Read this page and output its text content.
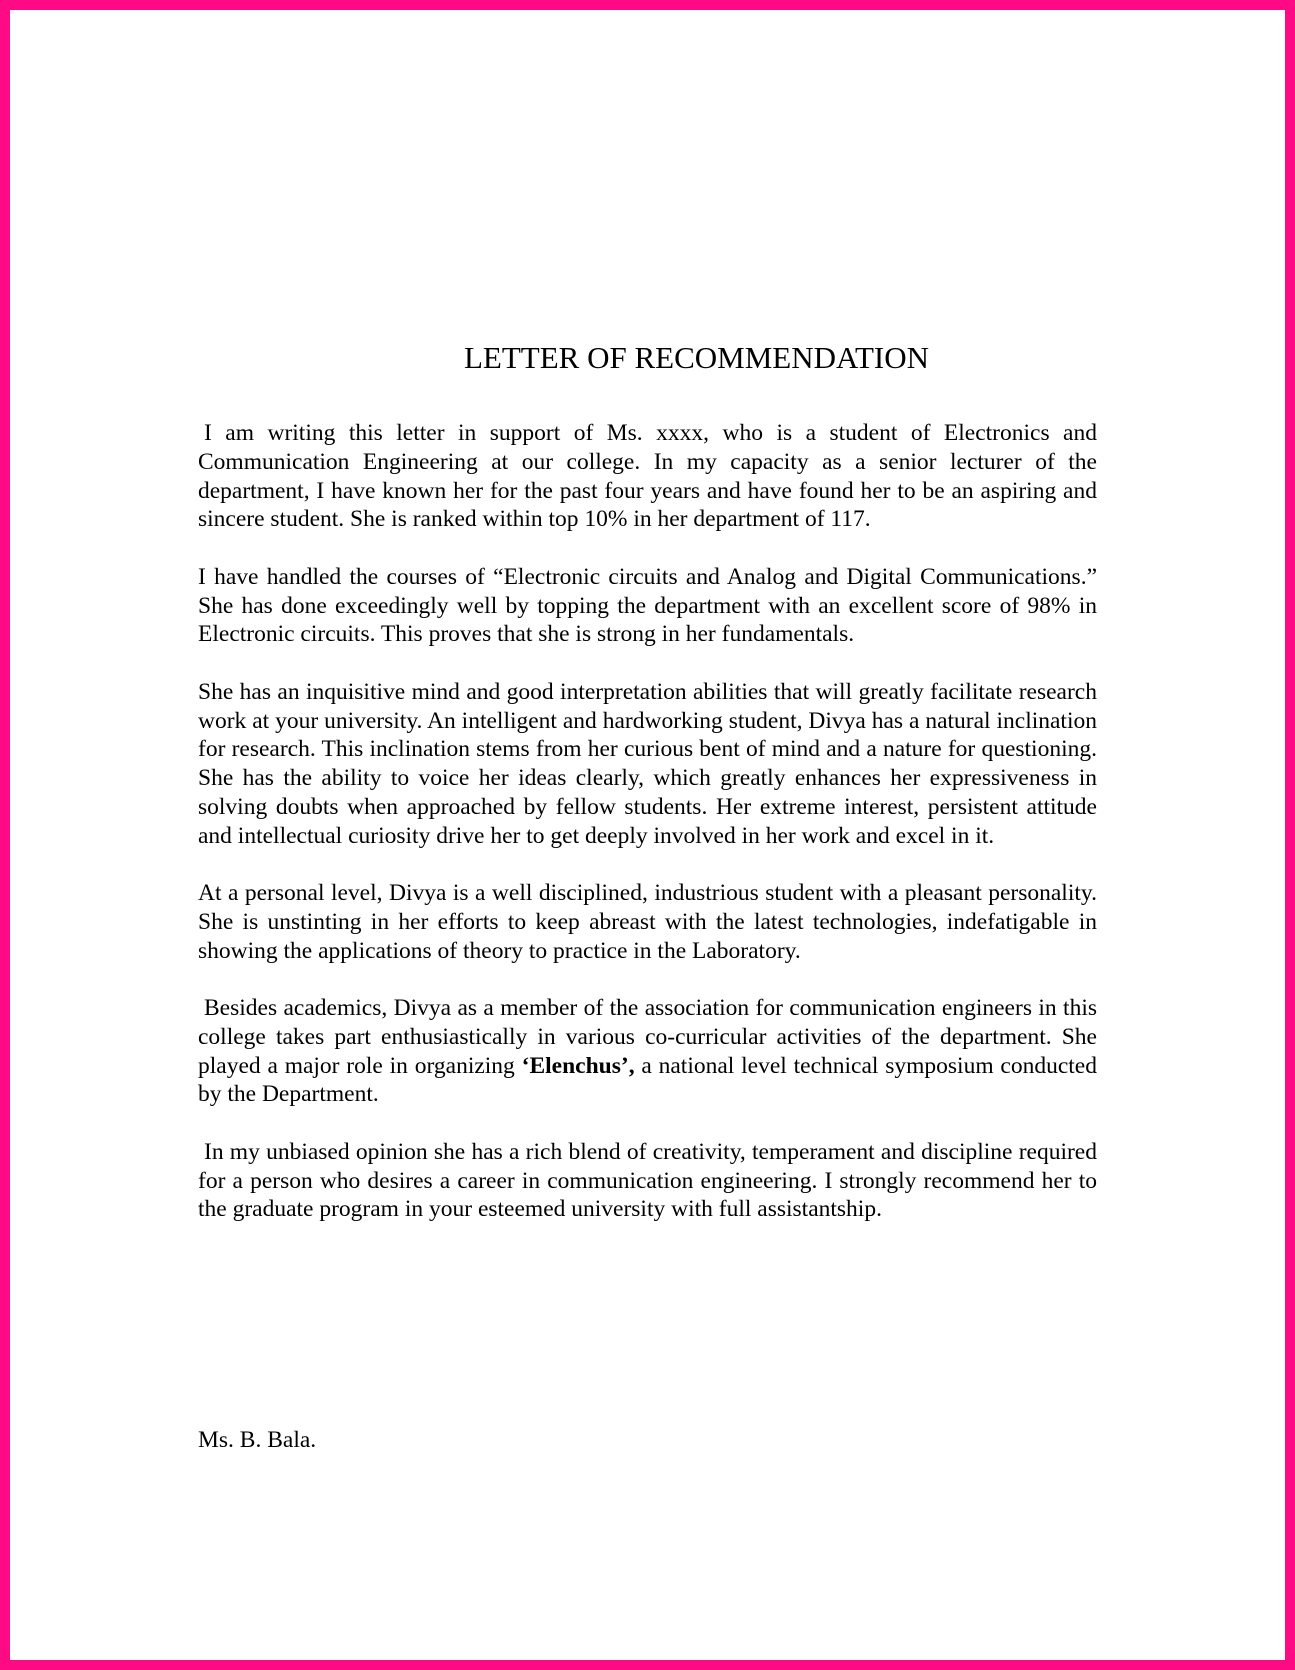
LETTER OF RECOMMENDATION

I am writing this letter in support of Ms. xxxx, who is a student of Electronics and Communication Engineering at our college. In my capacity as a senior lecturer of the department, I have known her for the past four years and have found her to be an aspiring and sincere student. She is ranked within top 10% in her department of 117.

I have handled the courses of “Electronic circuits and Analog and Digital Communications.” She has done exceedingly well by topping the department with an excellent score of 98% in Electronic circuits. This proves that she is strong in her fundamentals.

She has an inquisitive mind and good interpretation abilities that will greatly facilitate research work at your university. An intelligent and hardworking student, Divya has a natural inclination for research. This inclination stems from her curious bent of mind and a nature for questioning. She has the ability to voice her ideas clearly, which greatly enhances her expressiveness in solving doubts when approached by fellow students. Her extreme interest, persistent attitude and intellectual curiosity drive her to get deeply involved in her work and excel in it.

At a personal level, Divya is a well disciplined, industrious student with a pleasant personality. She is unstinting in her efforts to keep abreast with the latest technologies, indefatigable in showing the applications of theory to practice in the Laboratory.

Besides academics, Divya as a member of the association for communication engineers in this college takes part enthusiastically in various co-curricular activities of the department. She played a major role in organizing ‘Elenchus’, a national level technical symposium conducted by the Department.

In my unbiased opinion she has a rich blend of creativity, temperament and discipline required for a person who desires a career in communication engineering. I strongly recommend her to the graduate program in your esteemed university with full assistantship.

Ms. B. Bala.
